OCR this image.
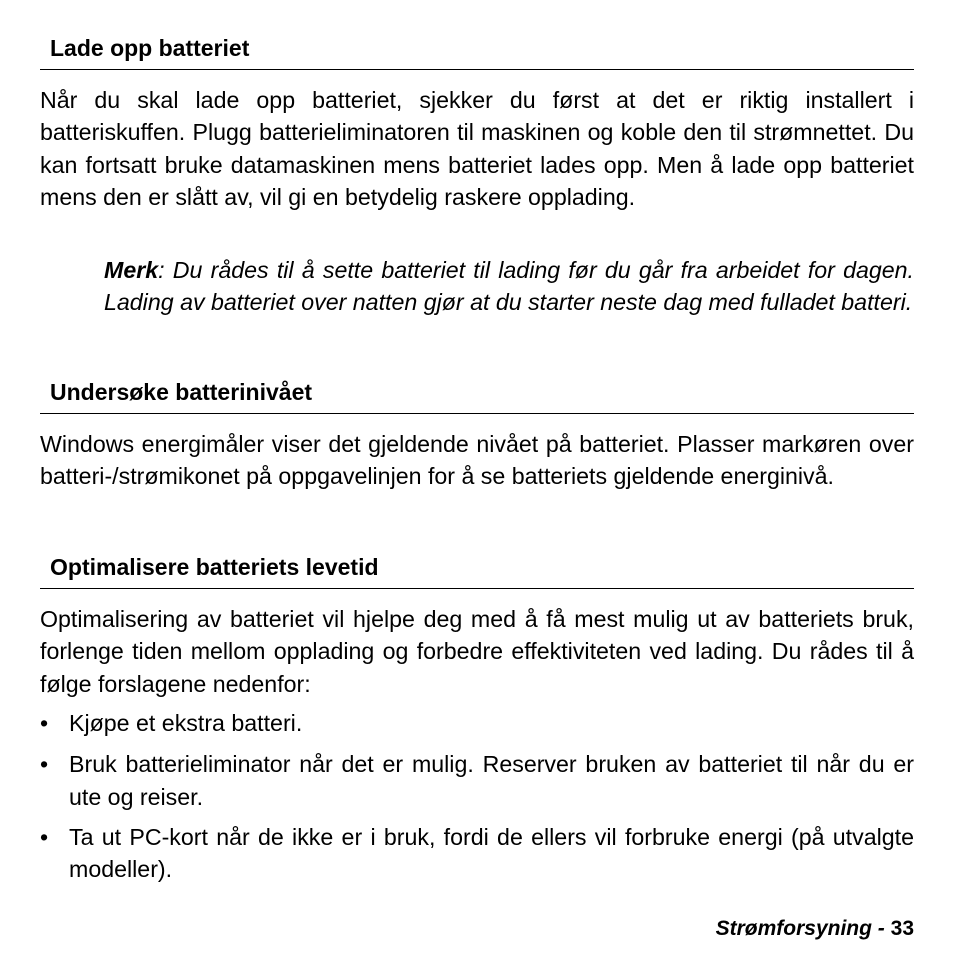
Lade opp batteriet

Når du skal lade opp batteriet, sjekker du først at det er riktig installert i batteriskuffen. Plugg batterieliminatoren til maskinen og koble den til strømnettet. Du kan fortsatt bruke datamaskinen mens batteriet lades opp. Men å lade opp batteriet mens den er slått av, vil gi en betydelig raskere opplading.

Merk: Du rådes til å sette batteriet til lading før du går fra arbeidet for dagen. Lading av batteriet over natten gjør at du starter neste dag med fulladet batteri.

Undersøke batterinivået

Windows energimåler viser det gjeldende nivået på batteriet. Plasser markøren over batteri-/strømikonet på oppgavelinjen for å se batteriets gjeldende energinivå.

Optimalisere batteriets levetid

Optimalisering av batteriet vil hjelpe deg med å få mest mulig ut av batteriets bruk, forlenge tiden mellom opplading og forbedre effektiviteten ved lading. Du rådes til å følge forslagene nedenfor:

• Kjøpe et ekstra batteri.
• Bruk batterieliminator når det er mulig. Reserver bruken av batteriet til når du er ute og reiser.
• Ta ut PC-kort når de ikke er i bruk, fordi de ellers vil forbruke energi (på utvalgte modeller).
Strømforsyning - 33
